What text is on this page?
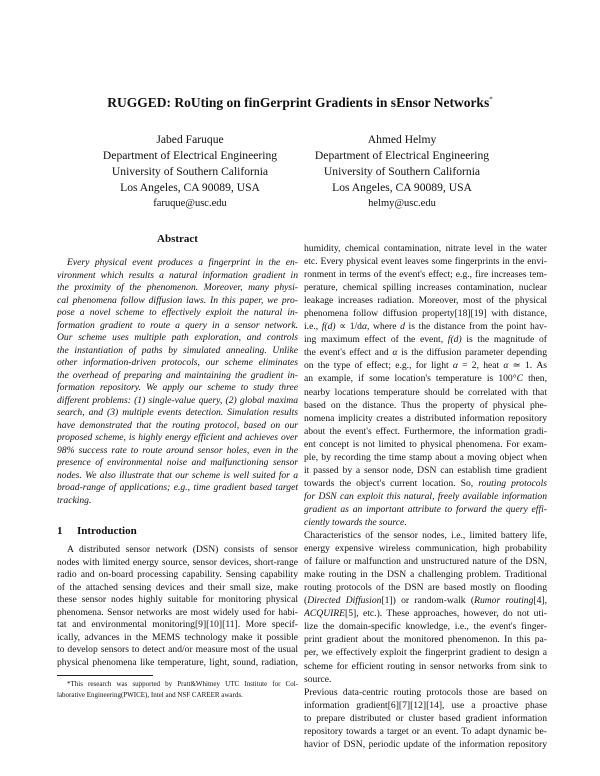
RUGGED: RoUting on finGerprint Gradients in sEnsor Networks*
Jabed Faruque
Department of Electrical Engineering
University of Southern California
Los Angeles, CA 90089, USA
faruque@usc.edu
Ahmed Helmy
Department of Electrical Engineering
University of Southern California
Los Angeles, CA 90089, USA
helmy@usc.edu
Abstract
Every physical event produces a fingerprint in the en-
vironment which results a natural information gradient in
the proximity of the phenomenon. Moreover, many physi-
cal phenomena follow diffusion laws. In this paper, we pro-
pose a novel scheme to effectively exploit the natural in-
formation gradient to route a query in a sensor network.
Our scheme uses multiple path exploration, and controls
the instantiation of paths by simulated annealing. Unlike
other information-driven protocols, our scheme eliminates
the overhead of preparing and maintaining the gradient in-
formation repository. We apply our scheme to study three
different problems: (1) single-value query, (2) global maxima
search, and (3) multiple events detection. Simulation results
have demonstrated that the routing protocol, based on our
proposed scheme, is highly energy efficient and achieves over
98% success rate to route around sensor holes, even in the
presence of environmental noise and malfunctioning sensor
nodes. We also illustrate that our scheme is well suited for a
broad-range of applications; e.g., time gradient based target
tracking.
1 Introduction
A distributed sensor network (DSN) consists of sensor
nodes with limited energy source, sensor devices, short-range
radio and on-board processing capability. Sensing capability
of the attached sensing devices and their small size, make
these sensor nodes highly suitable for monitoring physical
phenomena. Sensor networks are most widely used for habi-
tat and environmental monitoring[9][10][11]. More specif-
ically, advances in the MEMS technology make it possible
to develop sensors to detect and/or measure most of the usual
physical phenomena like temperature, light, sound, radiation,
*This research was supported by Pratt&Whitney UTC Institute for Col-
laborative Engineering(PWICE), Intel and NSF CAREER awards.
humidity, chemical contamination, nitrate level in the water
etc. Every physical event leaves some fingerprints in the envi-
ronment in terms of the event's effect; e.g., fire increases tem-
perature, chemical spilling increases contamination, nuclear
leakage increases radiation. Moreover, most of the physical
phenomena follow diffusion property[18][19] with distance,
i.e., f(d) ∝ 1/dα, where d is the distance from the point hav-
ing maximum effect of the event, f(d) is the magnitude of
the event's effect and α is the diffusion parameter depending
on the type of effect; e.g., for light α = 2, heat α ≃ 1. As
an example, if some location's temperature is 100°C then,
nearby locations temperature should be correlated with that
based on the distance. Thus the property of physical phe-
nomena implicity creates a distributed information repository
about the event's effect. Furthermore, the information gradi-
ent concept is not limited to physical phenomena. For exam-
ple, by recording the time stamp about a moving object when
it passed by a sensor node, DSN can establish time gradient
towards the object's current location. So, routing protocols
for DSN can exploit this natural, freely available information
gradient as an important attribute to forward the query effi-
ciently towards the source.
Characteristics of the sensor nodes, i.e., limited battery life,
energy expensive wireless communication, high probability
of failure or malfunction and unstructured nature of the DSN,
make routing in the DSN a challenging problem. Traditional
routing protocols of the DSN are based mostly on flooding
(Directed Diffusion[1]) or random-walk (Rumor routing[4],
ACQUIRE[5], etc.). These approaches, however, do not uti-
lize the domain-specific knowledge, i.e., the event's finger-
print gradient about the monitored phenomenon. In this pa-
per, we effectively exploit the fingerprint gradient to design a
scheme for efficient routing in sensor networks from sink to
source.
Previous data-centric routing protocols those are based on
information gradient[6][7][12][14], use a proactive phase
to prepare distributed or cluster based gradient information
repository towards a target or an event. To adapt dynamic be-
havior of DSN, periodic update of the information repository
